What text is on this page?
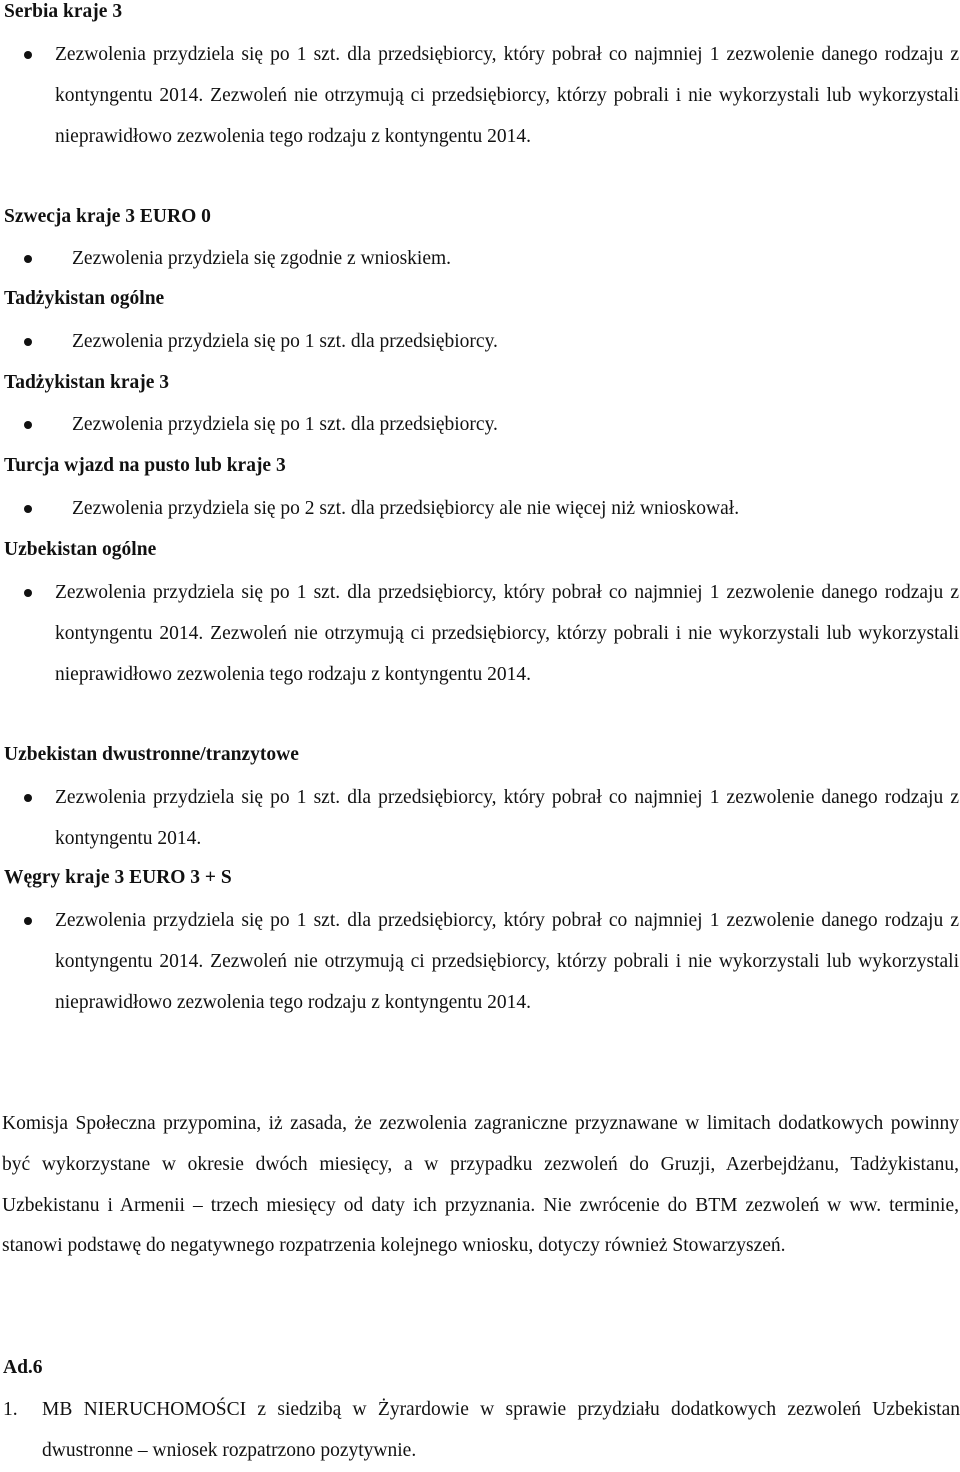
Serbia kraje 3
Zezwolenia przydziela się po 1 szt. dla przedsiębiorcy, który pobrał co najmniej 1 zezwolenie danego rodzaju z kontyngentu 2014. Zezwoleń nie otrzymują ci przedsiębiorcy, którzy pobrali i nie wykorzystali lub wykorzystali nieprawidłowo zezwolenia tego rodzaju z kontyngentu 2014.
Szwecja kraje 3 EURO 0
Zezwolenia przydziela się zgodnie z wnioskiem.
Tadżykistan ogólne
Zezwolenia przydziela się po 1 szt. dla przedsiębiorcy.
Tadżykistan kraje 3
Zezwolenia przydziela się po 1 szt. dla przedsiębiorcy.
Turcja wjazd na pusto lub kraje 3
Zezwolenia przydziela się po 2 szt. dla przedsiębiorcy ale nie więcej niż wnioskował.
Uzbekistan ogólne
Zezwolenia przydziela się po 1 szt. dla przedsiębiorcy, który pobrał co najmniej 1 zezwolenie danego rodzaju z kontyngentu 2014. Zezwoleń nie otrzymują ci przedsiębiorcy, którzy pobrali i nie wykorzystali lub wykorzystali nieprawidłowo zezwolenia tego rodzaju z kontyngentu 2014.
Uzbekistan dwustronne/tranzytowe
Zezwolenia przydziela się po 1 szt. dla przedsiębiorcy, który pobrał co najmniej 1 zezwolenie danego rodzaju z kontyngentu 2014.
Węgry kraje 3 EURO 3 + S
Zezwolenia przydziela się po 1 szt. dla przedsiębiorcy, który pobrał co najmniej 1 zezwolenie danego rodzaju z kontyngentu 2014. Zezwoleń nie otrzymują ci przedsiębiorcy, którzy pobrali i nie wykorzystali lub wykorzystali nieprawidłowo zezwolenia tego rodzaju z kontyngentu 2014.
Komisja Społeczna przypomina, iż zasada, że zezwolenia zagraniczne przyznawane w limitach dodatkowych powinny być wykorzystane w okresie dwóch miesięcy, a w przypadku zezwoleń do Gruzji, Azerbejdżanu, Tadżykistanu, Uzbekistanu i Armenii – trzech miesięcy od daty ich przyznania. Nie zwrócenie do BTM zezwoleń w ww. terminie, stanowi podstawę do negatywnego rozpatrzenia kolejnego wniosku, dotyczy również Stowarzyszeń.
Ad.6
1. MB NIERUCHOMOŚCI z siedzibą w Żyrardowie w sprawie przydziału dodatkowych zezwoleń Uzbekistan dwustronne – wniosek rozpatrzono pozytywnie.
